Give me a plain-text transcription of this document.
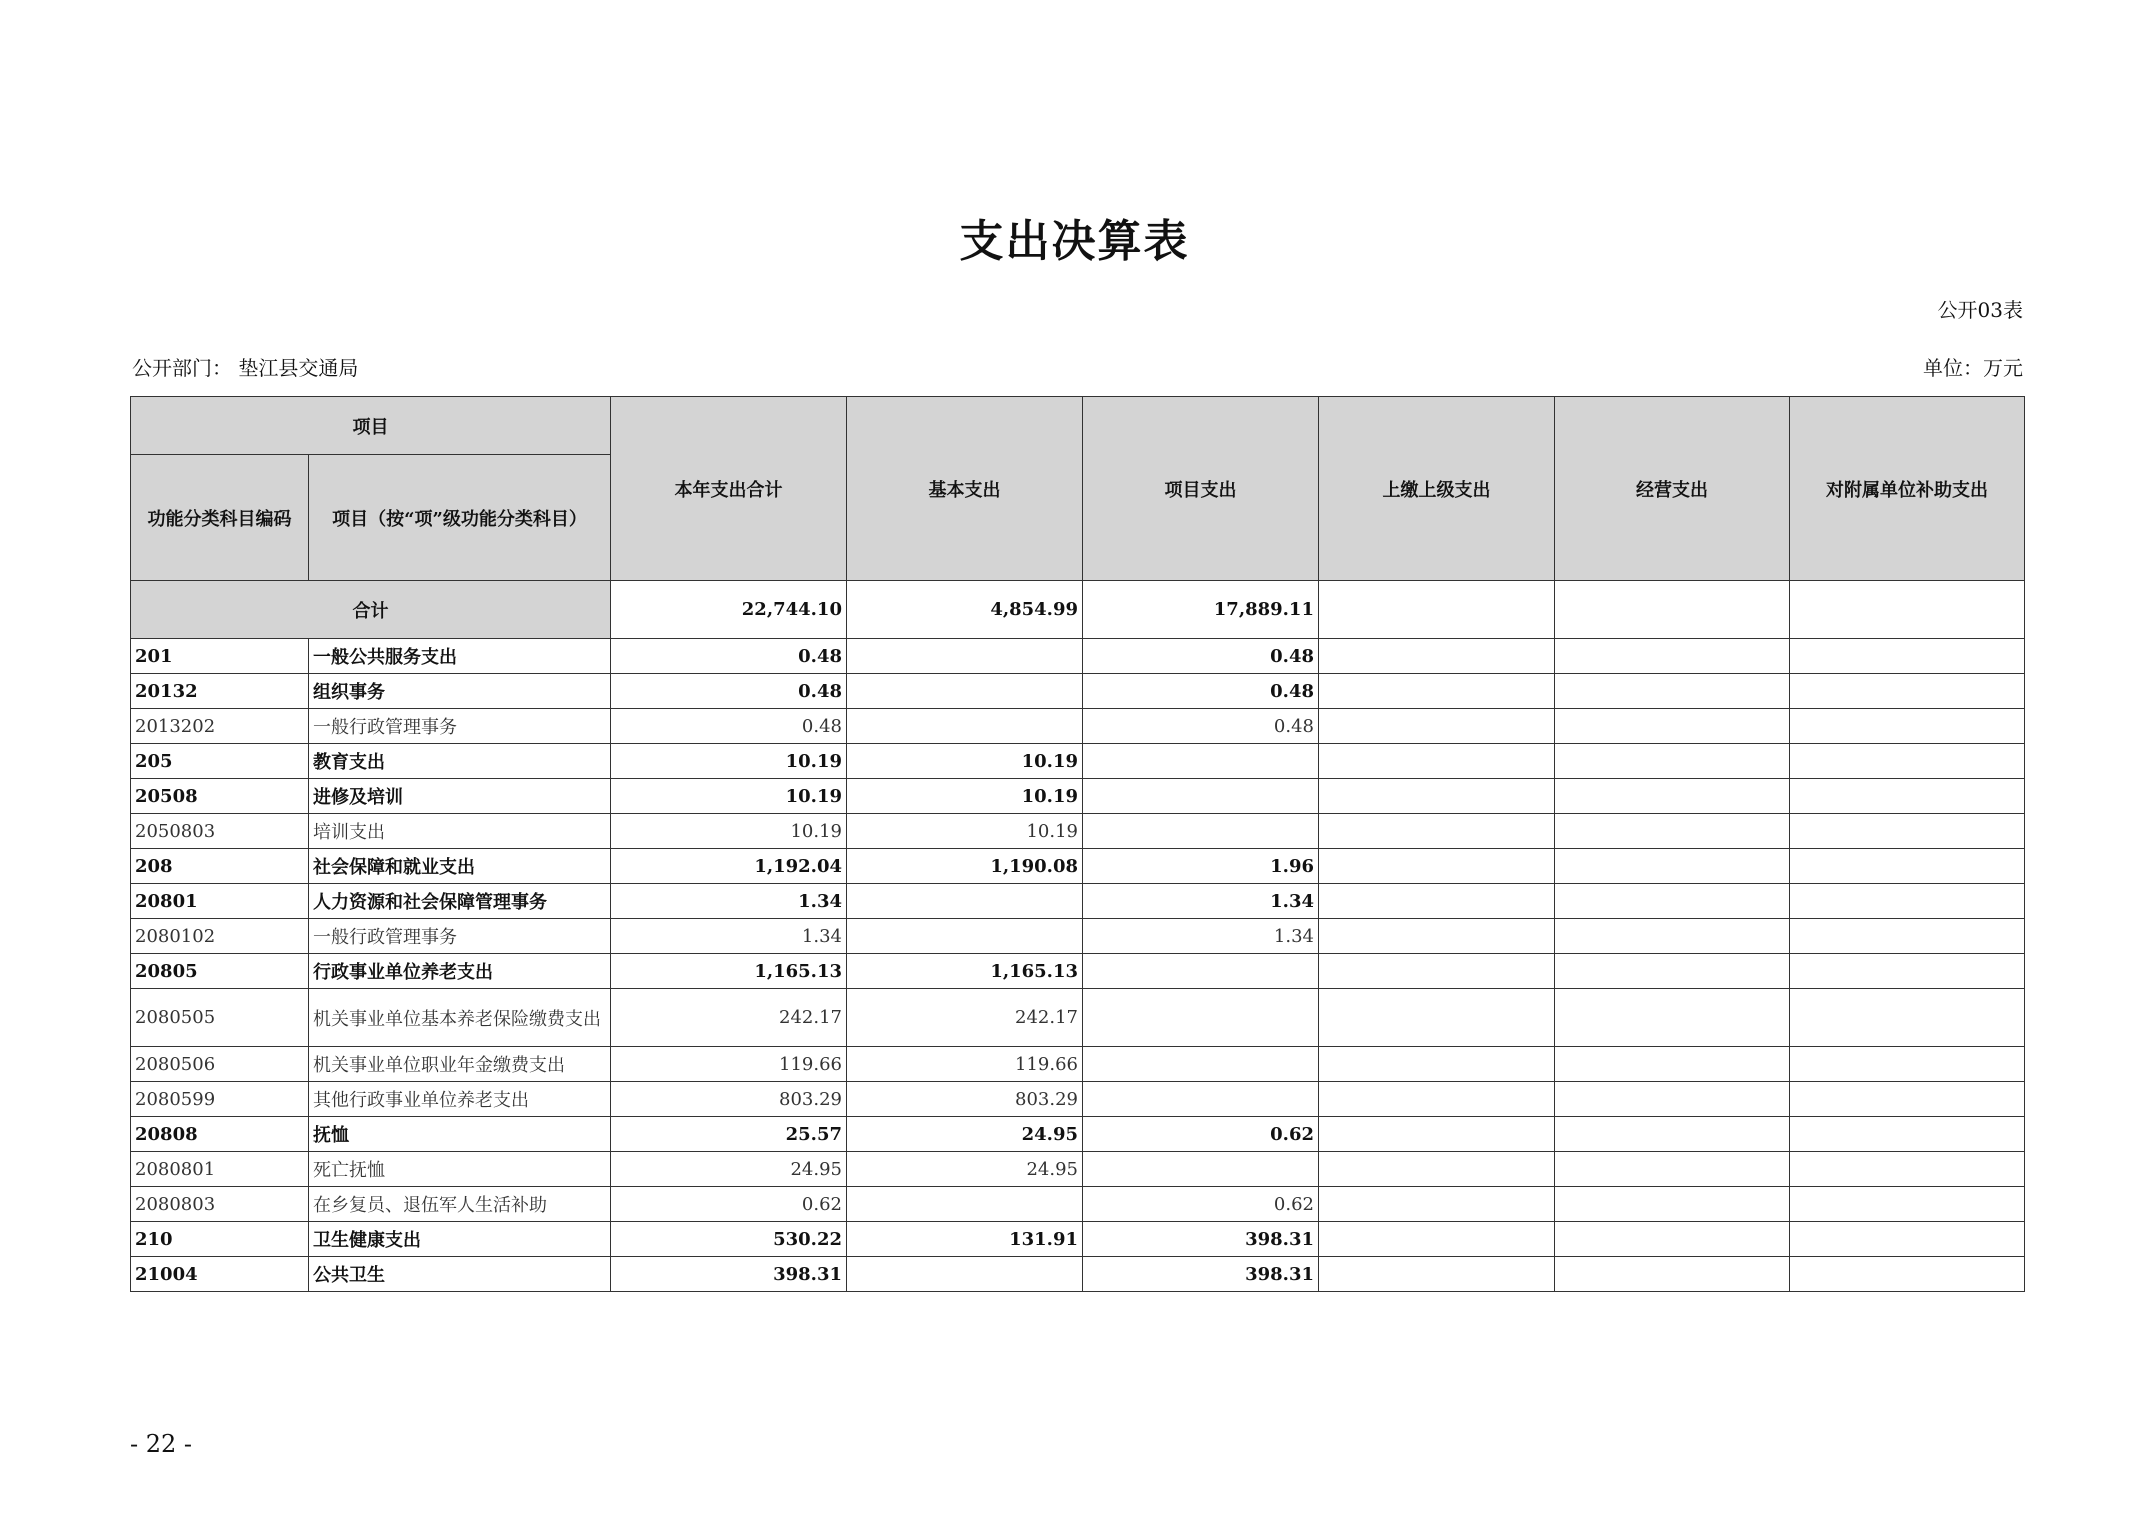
支出决算表
公开03表
公开部门： 垫江县交通局	单位：万元
项目		本年支出合计	基本支出	项目支出	上缴上级支出	经营支出	对附属单位补助支出
功能分类科目编码	项目（按“项”级功能分类科目）						
合计		22,744.10	4,854.99	17,889.11			
201	一般公共服务支出	0.48		0.48			
20132	组织事务	0.48		0.48			
2013202	一般行政管理事务	0.48		0.48			
205	教育支出	10.19	10.19				
20508	进修及培训	10.19	10.19				
2050803	培训支出	10.19	10.19				
208	社会保障和就业支出	1,192.04	1,190.08	1.96			
20801	人力资源和社会保障管理事务	1.34		1.34			
2080102	一般行政管理事务	1.34		1.34			
20805	行政事业单位养老支出	1,165.13	1,165.13				
2080505	机关事业单位基本养老保险缴费支出	242.17	242.17				
2080506	机关事业单位职业年金缴费支出	119.66	119.66				
2080599	其他行政事业单位养老支出	803.29	803.29				
20808	抚恤	25.57	24.95	0.62			
2080801	死亡抚恤	24.95	24.95				
2080803	在乡复员、退伍军人生活补助	0.62		0.62			
210	卫生健康支出	530.22	131.91	398.31			
21004	公共卫生	398.31		398.31			
- 22 -
